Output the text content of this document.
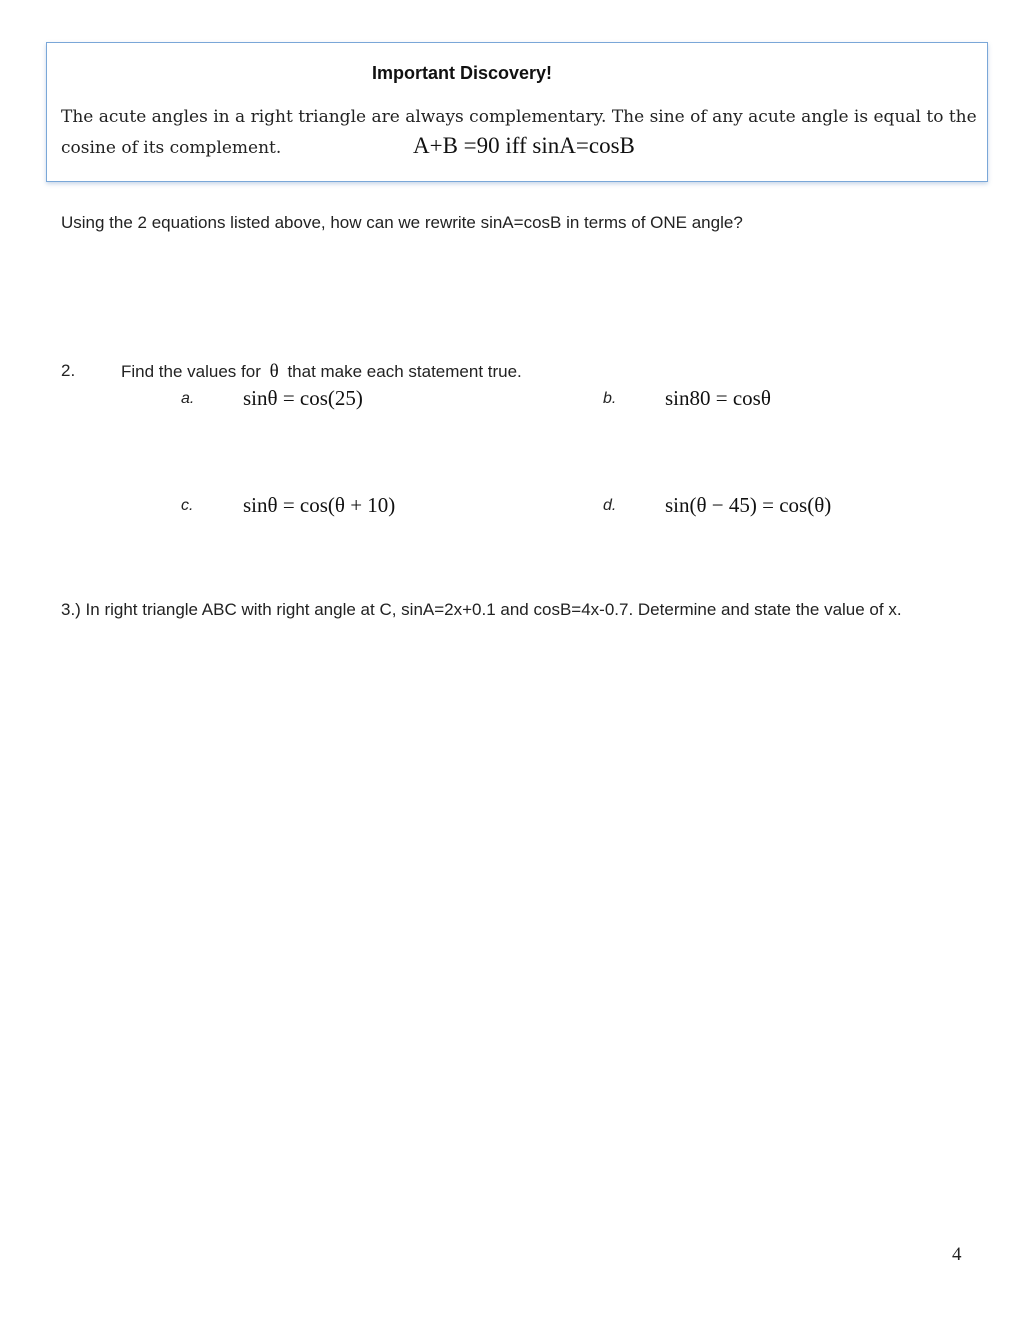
Important Discovery!
The acute angles in a right triangle are always complementary. The sine of any acute angle is equal to the
cosine of its complement.	A+B =90 iff sinA=cosB
Using the 2 equations listed above, how can we rewrite sinA=cosB in terms of ONE angle?
2.	Find the values for θ that make each statement true.
a. sinθ = cos(25)	b. sin80 = cosθ
c. sinθ = cos(θ + 10)	d. sin(θ − 45) = cos(θ)
3.) In right triangle ABC with right angle at C, sinA=2x+0.1 and cosB=4x-0.7. Determine and state the value of x.
4
